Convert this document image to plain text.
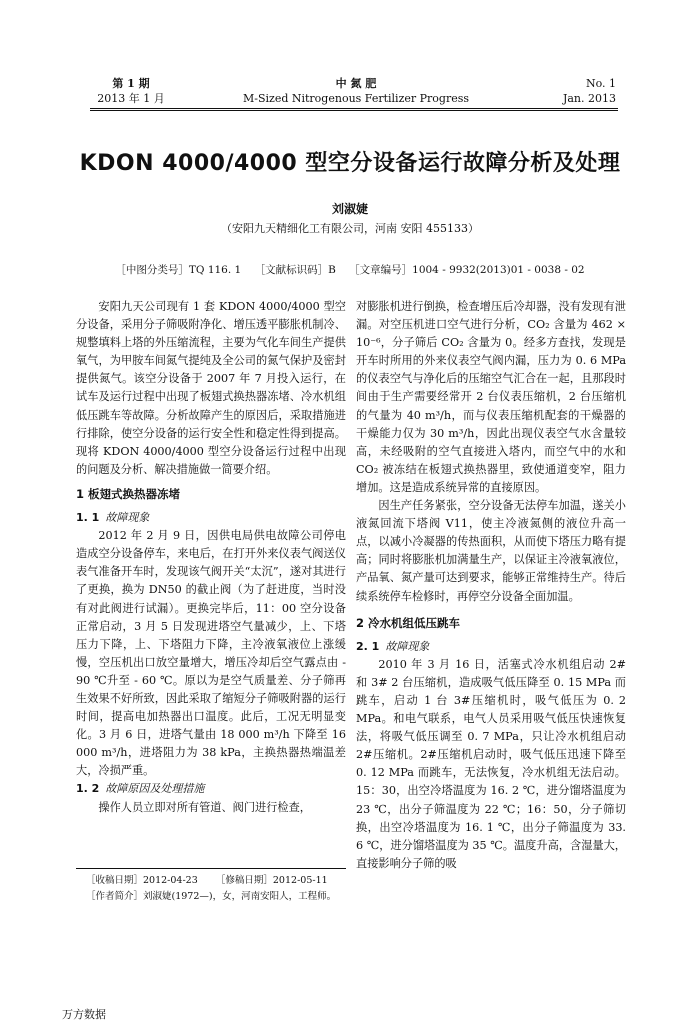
第 1 期
2013 年 1 月
中 氮 肥
M-Sized Nitrogenous Fertilizer Progress
No. 1
Jan. 2013
KDON 4000/4000 型空分设备运行故障分析及处理
刘淑婕
（安阳九天精细化工有限公司，河南 安阳 455133）
［中图分类号］TQ 116. 1    ［文献标识码］B    ［文章编号］1004 - 9932(2013)01 - 0038 - 02

安阳九天公司现有 1 套 KDON 4000/4000 型空分设备，采用分子筛吸附净化、增压透平膨胀机制冷、规整填料上塔的外压缩流程，主要为气化车间生产提供氧气，为甲胺车间氮气提纯及全公司的氮气保护及密封提供氮气。该空分设备于 2007 年 7 月投入运行，在试车及运行过程中出现了板翅式换热器冻堵、冷水机组低压跳车等故障。分析故障产生的原因后，采取措施进行排除，使空分设备的运行安全性和稳定性得到提高。现将 KDON 4000/4000 型空分设备运行过程中出现的问题及分析、解决措施做一简要介绍。

1 板翅式换热器冻堵
1. 1 故障现象

2012 年 2 月 9 日，因供电局供电故障公司停电造成空分设备停车，来电后，在打开外来仪表气阀送仪表气准备开车时，发现该气阀开关“太沉”，遂对其进行了更换，换为 DN50 的截止阀（为了赶进度，当时没有对此阀进行试漏）。更换完毕后，11：00 空分设备正常启动，3 月 5 日发现进塔空气量减少，上、下塔压力下降，上、下塔阻力下降，主冷液氧液位上涨缓慢，空压机出口放空量增大，增压冷却后空气露点由 - 90 ℃升至 - 60 ℃。原以为是空气质量差、分子筛再生效果不好所致，因此采取了缩短分子筛吸附器的运行时间，提高电加热器出口温度。此后，工况无明显变化。3 月 6 日，进塔气量由 18 000 m³/h 下降至 16 000 m³/h，进塔阻力为 38 kPa，主换热器热端温差大，冷损严重。

1. 2 故障原因及处理措施

操作人员立即对所有管道、阀门进行检查，

对膨胀机进行倒换，检查增压后冷却器，没有发现有泄漏。对空压机进口空气进行分析，CO₂ 含量为 462 × 10⁻⁶，分子筛后 CO₂ 含量为 0。经多方查找，发现是开车时所用的外来仪表空气阀内漏，压力为 0. 6 MPa 的仪表空气与净化后的压缩空气汇合在一起，且那段时间由于生产需要经常开 2 台仪表压缩机，2 台压缩机的气量为 40 m³/h，而与仪表压缩机配套的干燥器的干燥能力仅为 30 m³/h，因此出现仪表空气水含量较高，未经吸附的空气直接进入塔内，而空气中的水和 CO₂ 被冻结在板翅式换热器里，致使通道变窄，阻力增加。这是造成系统异常的直接原因。

因生产任务紧张，空分设备无法停车加温，遂关小液氮回流下塔阀 V11，使主冷液氮侧的液位升高一点，以减小冷凝器的传热面积，从而使下塔压力略有提高；同时将膨胀机加满量生产，以保证主冷液氧液位，产品氧、氮产量可达到要求，能够正常维持生产。待后续系统停车检修时，再停空分设备全面加温。

2 冷水机组低压跳车
2. 1 故障现象

2010 年 3 月 16 日，活塞式冷水机组启动 2# 和 3# 2 台压缩机，造成吸气低压降至 0. 15 MPa 而跳车，启动 1 台 3#压缩机时，吸气低压为 0. 2 MPa。和电气联系，电气人员采用吸气低压快速恢复法，将吸气低压调至 0. 7 MPa，只让冷水机组启动 2#压缩机。2#压缩机启动时，吸气低压迅速下降至 0. 12 MPa 而跳车，无法恢复，冷水机组无法启动。15：30，出空冷塔温度为 16. 2 ℃，进分馏塔温度为 23 ℃，出分子筛温度为 22 ℃；16：50，分子筛切换，出空冷塔温度为 16. 1 ℃，出分子筛温度为 33. 6 ℃，进分馏塔温度为 35 ℃。温度升高，含湿量大，直接影响分子筛的吸

［收稿日期］2012-04-23      ［修稿日期］2012-05-11
［作者简介］刘淑婕(1972—)，女，河南安阳人，工程师。
万方数据
